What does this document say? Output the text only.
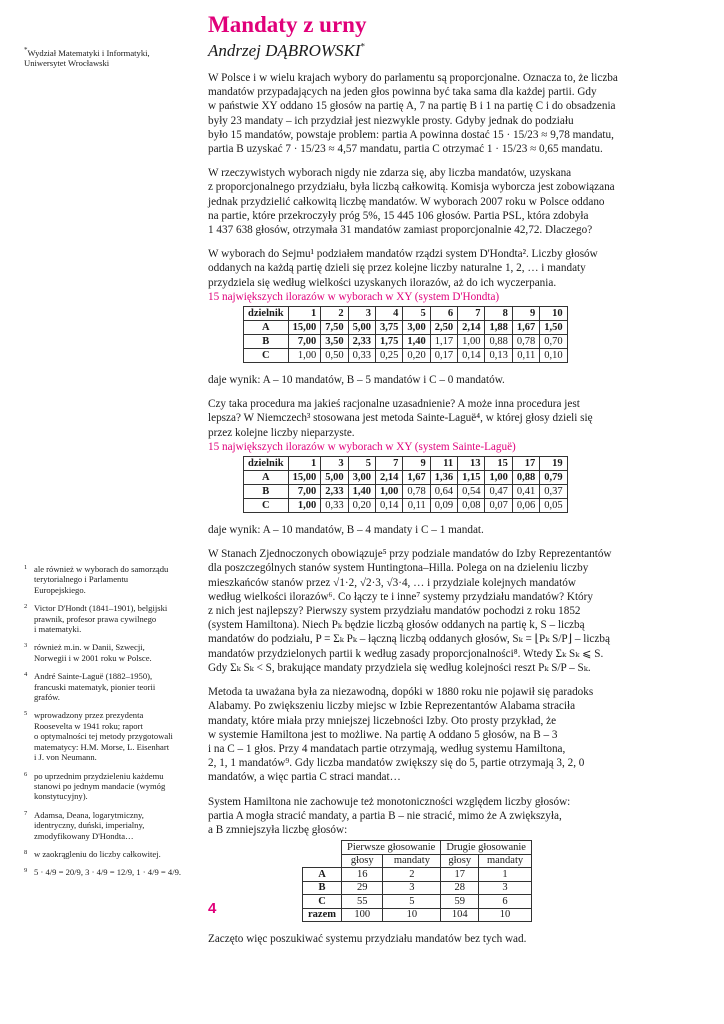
*Wydział Matematyki i Informatyki,
Uniwersytet Wrocławski
1 ale również w wyborach do samorządu
terytorialnego i Parlamentu
Europejskiego.
2 Victor D'Hondt (1841–1901), belgijski
prawnik, profesor prawa cywilnego
i matematyki.
3 również m.in. w Danii, Szwecji,
Norwegii i w 2001 roku w Polsce.
4 André Sainte-Laguë (1882–1950),
francuski matematyk, pionier teorii
grafów.
5 wprowadzony przez prezydenta
Roosevelta w 1941 roku; raport
o optymalności tej metody przygotowali
matematycy: H.M. Morse, L. Eisenhart
i J. von Neumann.
6 po uprzednim przydzieleniu każdemu
stanowi po jednym mandacie (wymóg
konstytucyjny).
7 Adamsa, Deana, logarytmiczny,
identryczny, duński, imperialny,
zmodyfikowany D'Hondta…
8 w zaokrągleniu do liczby całkowitej.
9 5 · 4/9 = 20/9, 3 · 4/9 = 12/9, 1 · 4/9 = 4/9.
Mandaty z urny
Andrzej DĄBROWSKI*
W Polsce i w wielu krajach wybory do parlamentu są proporcjonalne. Oznacza to, że liczba
mandatów przypadających na jeden głos powinna być taka sama dla każdej partii. Gdy
w państwie XY oddano 15 głosów na partię A, 7 na partię B i 1 na partię C i do obsadzenia
były 23 mandaty – ich przydział jest niezwykle prosty. Gdyby jednak do podziału
było 15 mandatów, powstaje problem: partia A powinna dostać 15 · 15/23 ≈ 9,78 mandatu,
partia B uzyskać 7 · 15/23 ≈ 4,57 mandatu, partia C otrzymać 1 · 15/23 ≈ 0,65 mandatu.
W rzeczywistych wyborach nigdy nie zdarza się, aby liczba mandatów, uzyskana
z proporcjonalnego przydziału, była liczbą całkowitą. Komisja wyborcza jest zobowiązana
jednak przydzielić całkowitą liczbę mandatów. W wyborach 2007 roku w Polsce oddano
na partie, które przekroczyły próg 5%, 15 445 106 głosów. Partia PSL, która zdobyła
1 437 638 głosów, otrzymała 31 mandatów zamiast proporcjonalnie 42,72. Dlaczego?
W wyborach do Sejmu¹ podziałem mandatów rządzi system D'Hondta². Liczby głosów
oddanych na każdą partię dzieli się przez kolejne liczby naturalne 1, 2, … i mandaty
przydziela się według wielkości uzyskanych ilorazów, aż do ich wyczerpania.
15 największych ilorazów w wyborach w XY (system D'Hondta)
dzielnik	1	2	3	4	5	6	7	8	9	10
A	15,00	7,50	5,00	3,75	3,00	2,50	2,14	1,88	1,67	1,50
B	7,00	3,50	2,33	1,75	1,40	1,17	1,00	0,88	0,78	0,70
C	1,00	0,50	0,33	0,25	0,20	0,17	0,14	0,13	0,11	0,10
daje wynik: A – 10 mandatów, B – 5 mandatów i C – 0 mandatów.
Czy taka procedura ma jakieś racjonalne uzasadnienie? A może inna procedura jest
lepsza? W Niemczech³ stosowana jest metoda Sainte-Laguë⁴, w której głosy dzieli się
przez kolejne liczby nieparzyste.
15 największych ilorazów w wyborach w XY (system Sainte-Laguë)
dzielnik	1	3	5	7	9	11	13	15	17	19
A	15,00	5,00	3,00	2,14	1,67	1,36	1,15	1,00	0,88	0,79
B	7,00	2,33	1,40	1,00	0,78	0,64	0,54	0,47	0,41	0,37
C	1,00	0,33	0,20	0,14	0,11	0,09	0,08	0,07	0,06	0,05
daje wynik: A – 10 mandatów, B – 4 mandaty i C – 1 mandat.
W Stanach Zjednoczonych obowiązuje⁵ przy podziale mandatów do Izby Reprezentantów
dla poszczególnych stanów system Huntingtona–Hilla. Polega on na dzieleniu liczby
mieszkańców stanów przez √1·2, √2·3, √3·4, … i przydziale kolejnych mandatów
według wielkości ilorazów⁶. Co łączy te i inne⁷ systemy przydziału mandatów? Który
z nich jest najlepszy? Pierwszy system przydziału mandatów pochodzi z roku 1852
(system Hamiltona). Niech Pₖ będzie liczbą głosów oddanych na partię k, S – liczbą
mandatów do podziału, P = Σₖ Pₖ – łączną liczbą oddanych głosów, Sₖ = ⌊Pₖ S/P⌋ – liczbą
mandatów przydzielonych partii k według zasady proporcjonalności⁸. Wtedy Σₖ Sₖ ⩽ S.
Gdy Σₖ Sₖ < S, brakujące mandaty przydziela się według kolejności reszt Pₖ S/P – Sₖ.
Metoda ta uważana była za niezawodną, dopóki w 1880 roku nie pojawił się paradoks
Alabamy. Po zwiększeniu liczby miejsc w Izbie Reprezentantów Alabama straciła
mandaty, które miała przy mniejszej liczebności Izby. Oto prosty przykład, że
w systemie Hamiltona jest to możliwe. Na partię A oddano 5 głosów, na B – 3
i na C – 1 głos. Przy 4 mandatach partie otrzymają, według systemu Hamiltona,
2, 1, 1 mandatów⁹. Gdy liczba mandatów zwiększy się do 5, partie otrzymają 3, 2, 0
mandatów, a więc partia C straci mandat…
System Hamiltona nie zachowuje też monotoniczności względem liczby głosów:
partia A mogła stracić mandaty, a partia B – nie stracić, mimo że A zwiększyła,
a B zmniejszyła liczbę głosów:
	Pierwsze głosowanie		Drugie głosowanie	
	głosy	mandaty	głosy	mandaty
A	16	2	17	1
B	29	3	28	3
C	55	5	59	6
razem	100	10	104	10
Zaczęto więc poszukiwać systemu przydziału mandatów bez tych wad.
4
